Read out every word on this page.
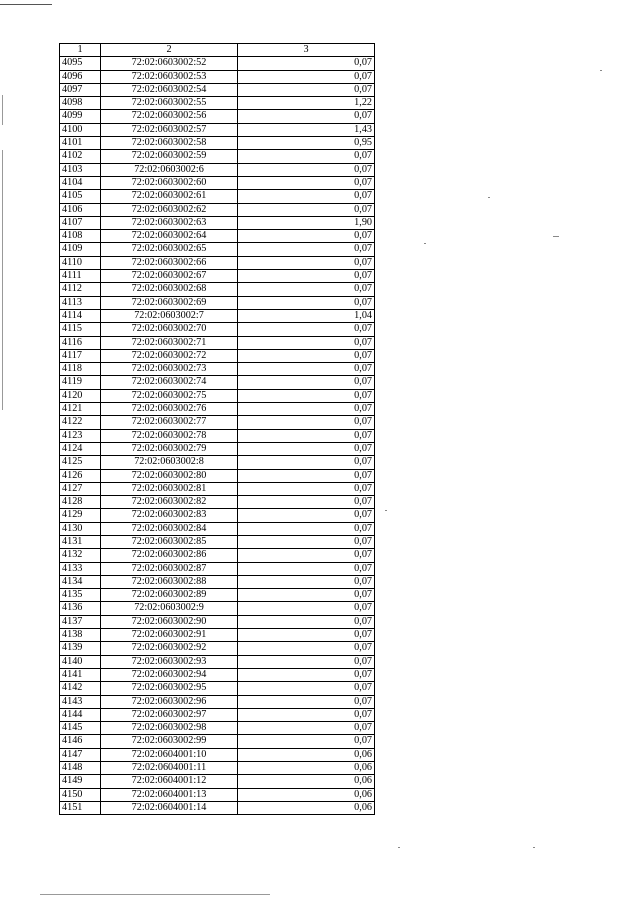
1	2	3
4095	72:02:0603002:52	0,07
4096	72:02:0603002:53	0,07
4097	72:02:0603002:54	0,07
4098	72:02:0603002:55	1,22
4099	72:02:0603002:56	0,07
4100	72:02:0603002:57	1,43
4101	72:02:0603002:58	0,95
4102	72:02:0603002:59	0,07
4103	72:02:0603002:6	0,07
4104	72:02:0603002:60	0,07
4105	72:02:0603002:61	0,07
4106	72:02:0603002:62	0,07
4107	72:02:0603002:63	1,90
4108	72:02:0603002:64	0,07
4109	72:02:0603002:65	0,07
4110	72:02:0603002:66	0,07
4111	72:02:0603002:67	0,07
4112	72:02:0603002:68	0,07
4113	72:02:0603002:69	0,07
4114	72:02:0603002:7	1,04
4115	72:02:0603002:70	0,07
4116	72:02:0603002:71	0,07
4117	72:02:0603002:72	0,07
4118	72:02:0603002:73	0,07
4119	72:02:0603002:74	0,07
4120	72:02:0603002:75	0,07
4121	72:02:0603002:76	0,07
4122	72:02:0603002:77	0,07
4123	72:02:0603002:78	0,07
4124	72:02:0603002:79	0,07
4125	72:02:0603002:8	0,07
4126	72:02:0603002:80	0,07
4127	72:02:0603002:81	0,07
4128	72:02:0603002:82	0,07
4129	72:02:0603002:83	0,07
4130	72:02:0603002:84	0,07
4131	72:02:0603002:85	0,07
4132	72:02:0603002:86	0,07
4133	72:02:0603002:87	0,07
4134	72:02:0603002:88	0,07
4135	72:02:0603002:89	0,07
4136	72:02:0603002:9	0,07
4137	72:02:0603002:90	0,07
4138	72:02:0603002:91	0,07
4139	72:02:0603002:92	0,07
4140	72:02:0603002:93	0,07
4141	72:02:0603002:94	0,07
4142	72:02:0603002:95	0,07
4143	72:02:0603002:96	0,07
4144	72:02:0603002:97	0,07
4145	72:02:0603002:98	0,07
4146	72:02:0603002:99	0,07
4147	72:02:0604001:10	0,06
4148	72:02:0604001:11	0,06
4149	72:02:0604001:12	0,06
4150	72:02:0604001:13	0,06
4151	72:02:0604001:14	0,06
